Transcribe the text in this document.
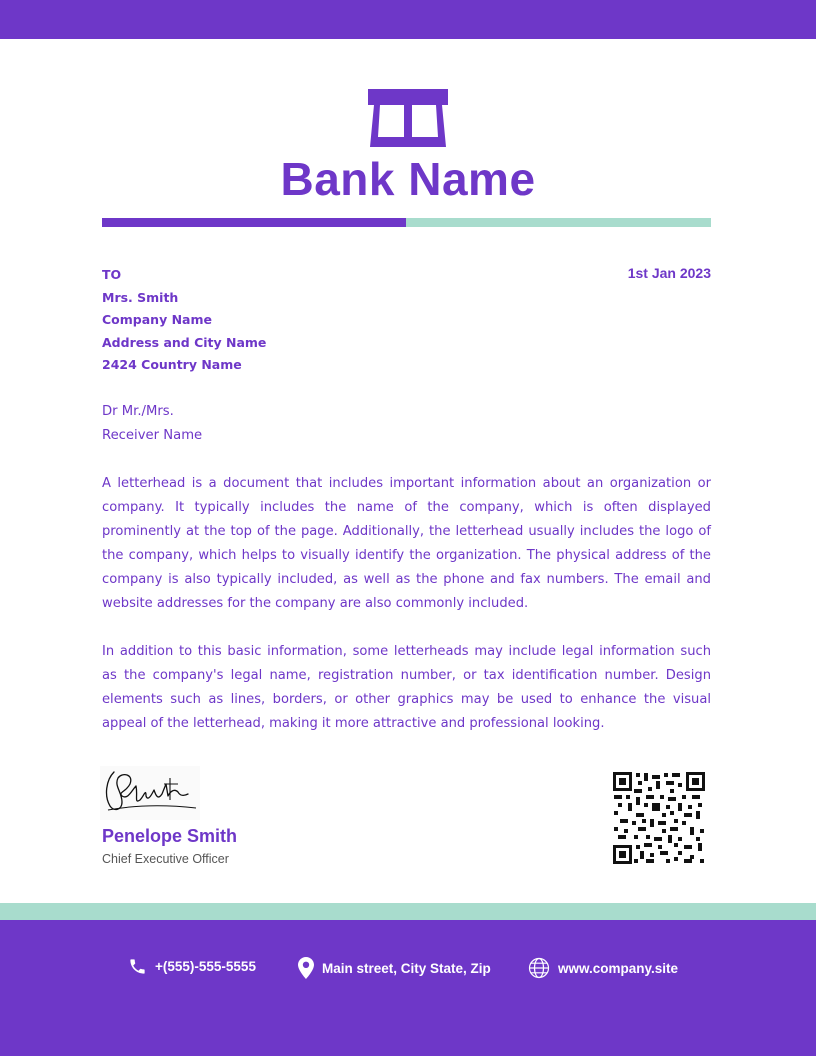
Bank Name
TO
Mrs. Smith
Company Name
Address and City Name
2424 Country Name
1st Jan 2023
Dr Mr./Mrs.
Receiver Name

A letterhead is a document that includes important information about an organization or company. It typically includes the name of the company, which is often displayed prominently at the top of the page. Additionally, the letterhead usually includes the logo of the company, which helps to visually identify the organization. The physical address of the company is also typically included, as well as the phone and fax numbers. The email and website addresses for the company are also commonly included.

In addition to this basic information, some letterheads may include legal information such as the company's legal name, registration number, or tax identification number. Design elements such as lines, borders, or other graphics may be used to enhance the visual appeal of the letterhead, making it more attractive and professional looking.

Penelope Smith
Chief Executive Officer
+(555)-555-5555	Main street, City State, Zip	www.company.site
